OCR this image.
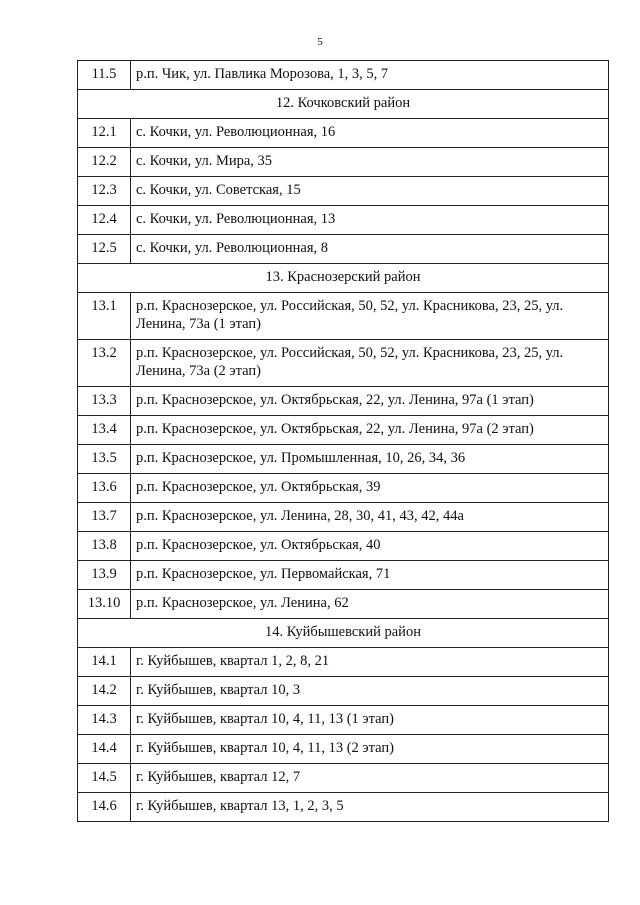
5
11.5	р.п. Чик, ул. Павлика Морозова, 1, 3, 5, 7
12. Кочковский район	
12.1	с. Кочки, ул. Революционная, 16
12.2	с. Кочки, ул. Мира, 35
12.3	с. Кочки, ул. Советская, 15
12.4	с. Кочки, ул. Революционная, 13
12.5	с. Кочки, ул. Революционная, 8
13. Краснозерский район	
13.1	р.п. Краснозерское, ул. Российская, 50, 52, ул. Красникова, 23, 25, ул. Ленина, 73а (1 этап)
13.2	р.п. Краснозерское, ул. Российская, 50, 52, ул. Красникова, 23, 25, ул. Ленина, 73а (2 этап)
13.3	р.п. Краснозерское, ул. Октябрьская, 22, ул. Ленина, 97а (1 этап)
13.4	р.п. Краснозерское, ул. Октябрьская, 22, ул. Ленина, 97а (2 этап)
13.5	р.п. Краснозерское, ул. Промышленная, 10, 26, 34, 36
13.6	р.п. Краснозерское, ул. Октябрьская, 39
13.7	р.п. Краснозерское, ул. Ленина, 28, 30, 41, 43, 42, 44а
13.8	р.п. Краснозерское, ул. Октябрьская, 40
13.9	р.п. Краснозерское, ул. Первомайская, 71
13.10	р.п. Краснозерское, ул. Ленина, 62
14. Куйбышевский район	
14.1	г. Куйбышев, квартал 1, 2, 8, 21
14.2	г. Куйбышев, квартал 10, 3
14.3	г. Куйбышев, квартал 10, 4, 11, 13 (1 этап)
14.4	г. Куйбышев, квартал 10, 4, 11, 13 (2 этап)
14.5	г. Куйбышев, квартал 12, 7
14.6	г. Куйбышев, квартал 13, 1, 2, 3, 5
